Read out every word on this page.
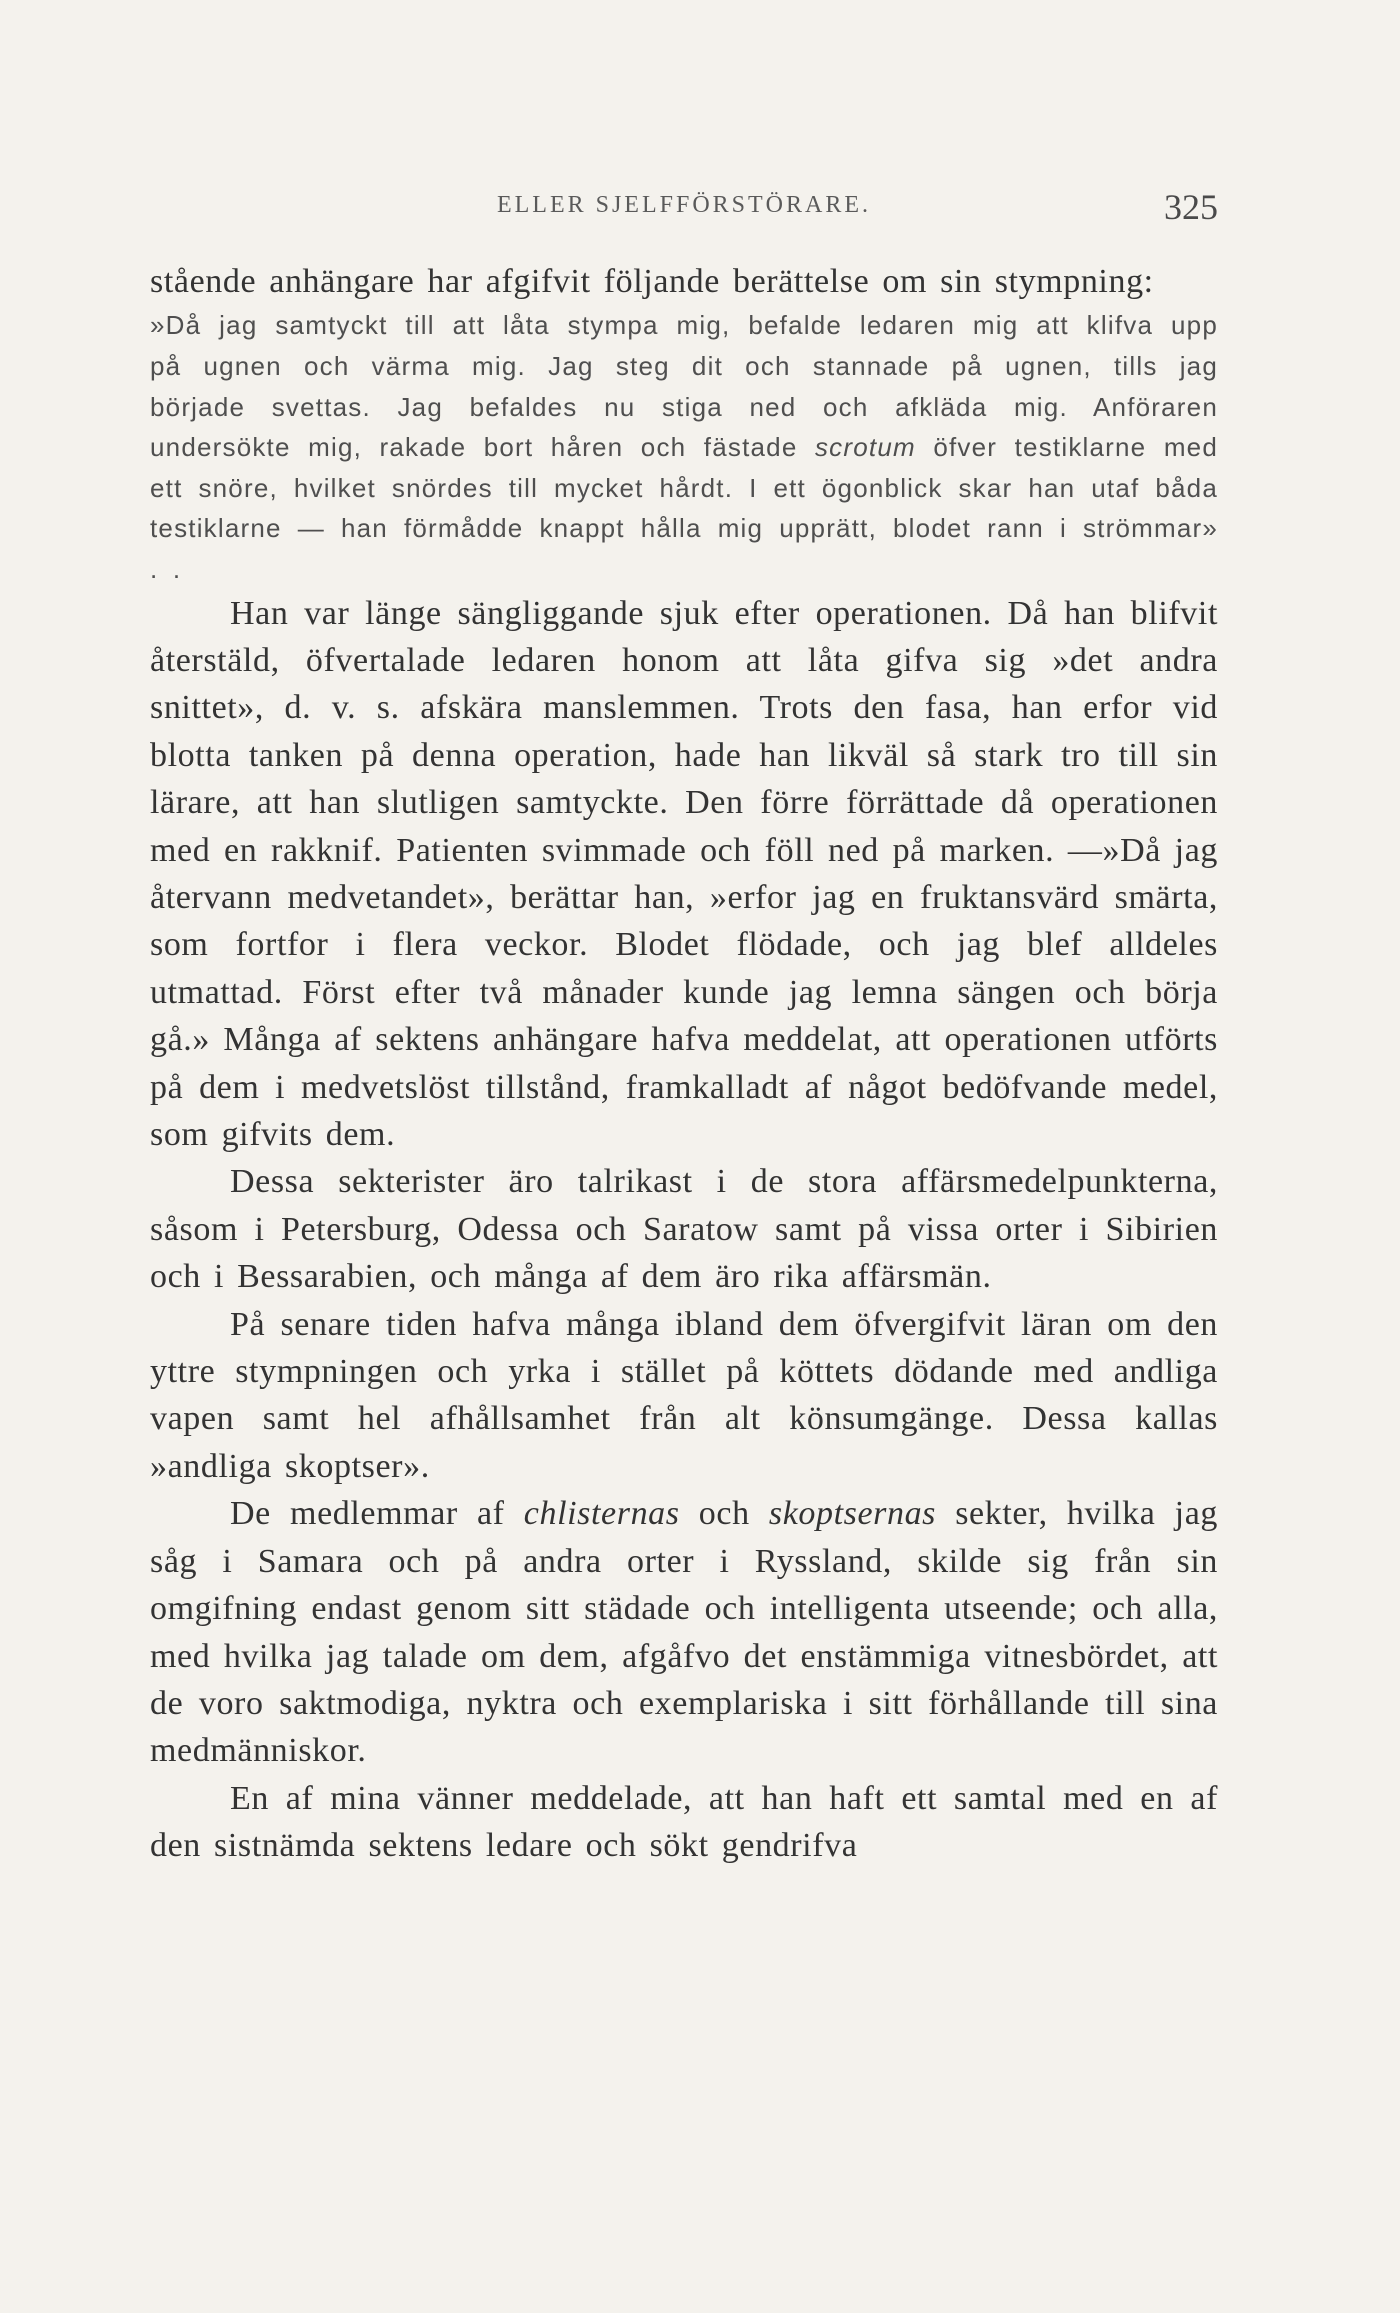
ELLER SJELFFÖRSTÖRARE.	325

stående anhängare har afgifvit följande berättelse om sin stympning:

»Då jag samtyckt till att låta stympa mig, befalde ledaren mig att klifva upp på ugnen och värma mig. Jag steg dit och stannade på ugnen, tills jag började svettas. Jag befaldes nu stiga ned och afkläda mig. Anföraren undersökte mig, rakade bort håren och fästade scrotum öfver testiklarne med ett snöre, hvilket snördes till mycket hårdt. I ett ögonblick skar han utaf båda testiklarne — han förmådde knappt hålla mig upprätt, blodet rann i strömmar» . .

Han var länge sängliggande sjuk efter operationen. Då han blifvit återstäld, öfvertalade ledaren honom att låta gifva sig »det andra snittet», d. v. s. afskära manslemmen. Trots den fasa, han erfor vid blotta tanken på denna operation, hade han likväl så stark tro till sin lärare, att han slutligen samtyckte. Den förre förrättade då operationen med en rakknif. Patienten svimmade och föll ned på marken. —»Då jag återvann medvetandet», berättar han, »erfor jag en fruktansvärd smärta, som fortfor i flera veckor. Blodet flödade, och jag blef alldeles utmattad. Först efter två månader kunde jag lemna sängen och börja gå.» Många af sektens anhängare hafva meddelat, att operationen utförts på dem i medvetslöst tillstånd, framkalladt af något bedöfvande medel, som gifvits dem.

Dessa sekterister äro talrikast i de stora affärsmedelpunkterna, såsom i Petersburg, Odessa och Saratow samt på vissa orter i Sibirien och i Bessarabien, och många af dem äro rika affärsmän.

På senare tiden hafva många ibland dem öfvergifvit läran om den yttre stympningen och yrka i stället på köttets dödande med andliga vapen samt hel afhållsamhet från alt könsumgänge. Dessa kallas »andliga skoptser».

De medlemmar af chlisternas och skoptsernas sekter, hvilka jag såg i Samara och på andra orter i Ryssland, skilde sig från sin omgifning endast genom sitt städade och intelligenta utseende; och alla, med hvilka jag talade om dem, afgåfvo det enstämmiga vitnesbördet, att de voro saktmodiga, nyktra och exemplariska i sitt förhållande till sina medmänniskor.

En af mina vänner meddelade, att han haft ett samtal med en af den sistnämda sektens ledare och sökt gendrifva
